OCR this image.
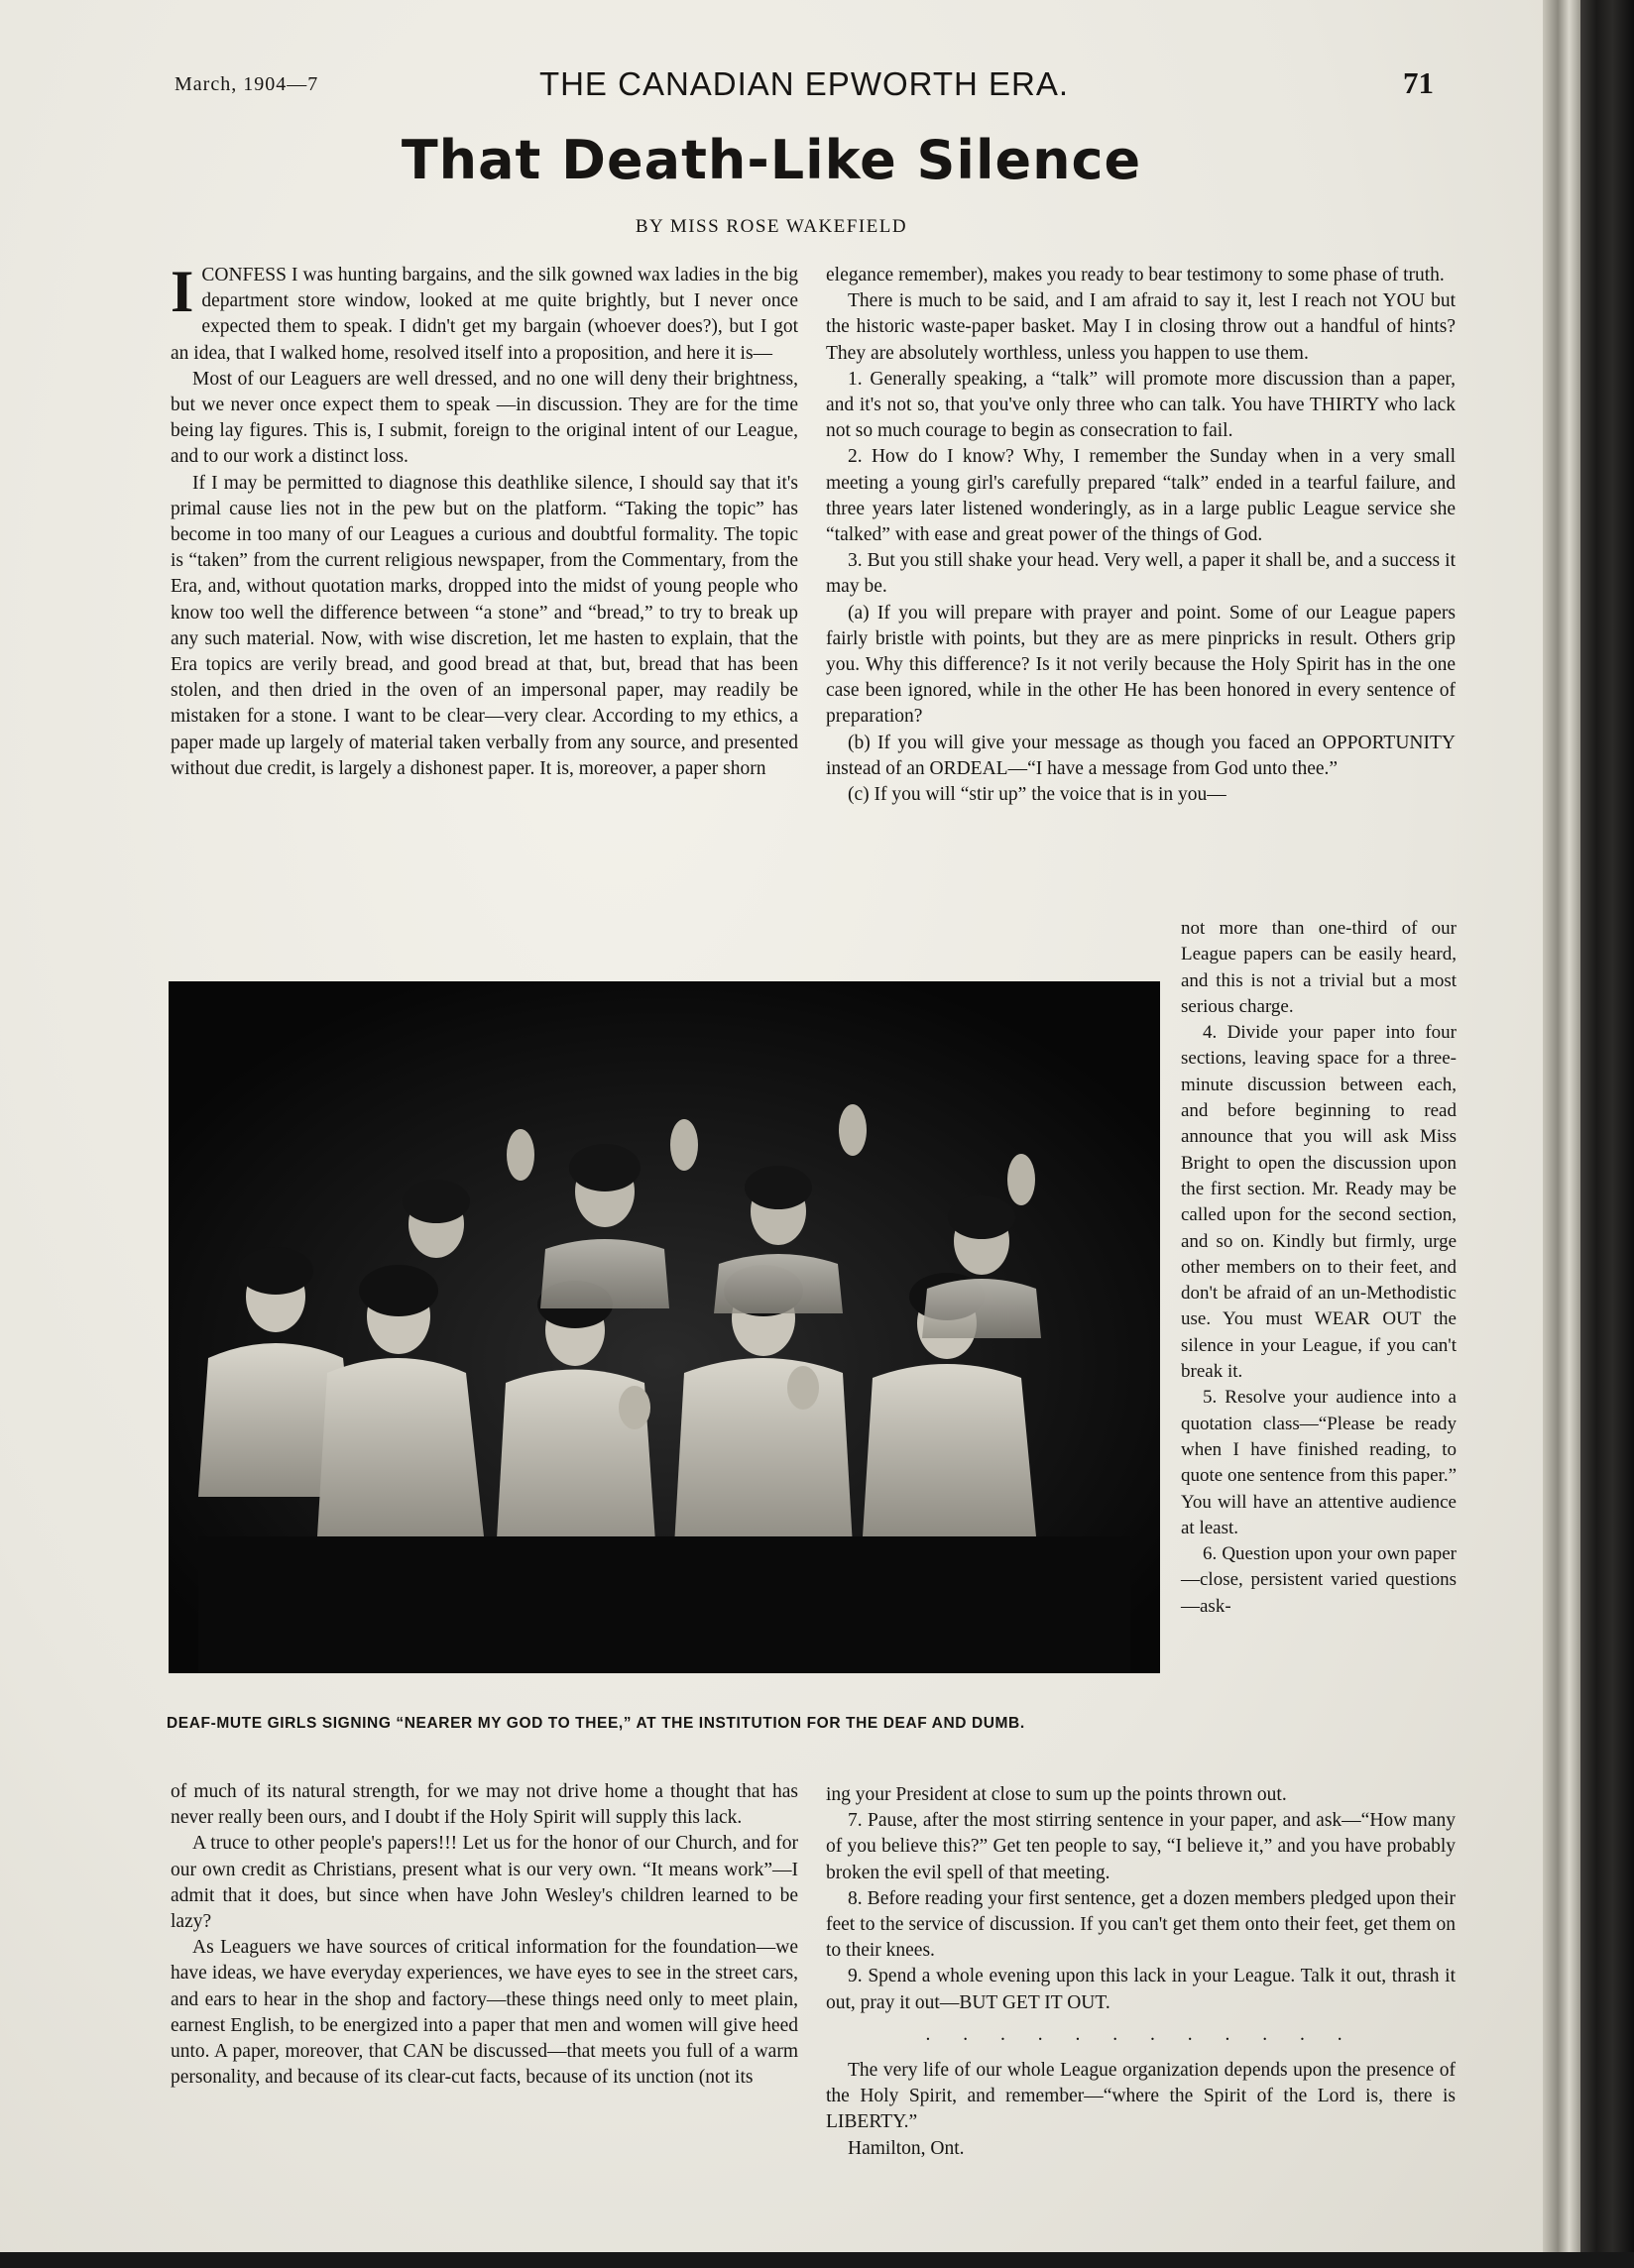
March, 1904—7	THE CANADIAN EPWORTH ERA.	71
That Death-Like Silence
BY MISS ROSE WAKEFIELD

ICONFESS I was hunting bargains, and the silk gowned wax ladies in the big department store window, looked at me quite brightly, but I never once expected them to speak. I didn't get my bargain (whoever does?), but I got an idea, that I walked home, resolved itself into a proposition, and here it is—

Most of our Leaguers are well dressed, and no one will deny their brightness, but we never once expect them to speak —in discussion. They are for the time being lay figures. This is, I submit, foreign to the original intent of our League, and to our work a distinct loss.

If I may be permitted to diagnose this deathlike silence, I should say that it's primal cause lies not in the pew but on the platform. “Taking the topic” has become in too many of our Leagues a curious and doubtful formality. The topic is “taken” from the current religious newspaper, from the Commentary, from the Era, and, without quotation marks, dropped into the midst of young people who know too well the difference between “a stone” and “bread,” to try to break up any such material. Now, with wise discretion, let me hasten to explain, that the Era topics are verily bread, and good bread at that, but, bread that has been stolen, and then dried in the oven of an impersonal paper, may readily be mistaken for a stone. I want to be clear—very clear. According to my ethics, a paper made up largely of material taken verbally from any source, and presented without due credit, is largely a dishonest paper. It is, moreover, a paper shorn

elegance remember), makes you ready to bear testimony to some phase of truth.

There is much to be said, and I am afraid to say it, lest I reach not YOU but the historic waste-paper basket. May I in closing throw out a handful of hints? They are absolutely worthless, unless you happen to use them.

1. Generally speaking, a “talk” will promote more discussion than a paper, and it's not so, that you've only three who can talk. You have THIRTY who lack not so much courage to begin as consecration to fail.

2. How do I know? Why, I remember the Sunday when in a very small meeting a young girl's carefully prepared “talk” ended in a tearful failure, and three years later listened wonderingly, as in a large public League service she “talked” with ease and great power of the things of God.

3. But you still shake your head. Very well, a paper it shall be, and a success it may be.

(a) If you will prepare with prayer and point. Some of our League papers fairly bristle with points, but they are as mere pinpricks in result. Others grip you. Why this difference? Is it not verily because the Holy Spirit has in the one case been ignored, while in the other He has been honored in every sentence of preparation?

(b) If you will give your message as though you faced an OPPORTUNITY instead of an ORDEAL—“I have a message from God unto thee.”

(c) If you will “stir up” the voice that is in you—

DEAF-MUTE GIRLS SIGNING “NEARER MY GOD TO THEE,” AT THE INSTITUTION FOR THE DEAF AND DUMB.

not more than one-third of our League papers can be easily heard, and this is not a trivial but a most serious charge.

4. Divide your paper into four sections, leaving space for a three-minute discussion between each, and before beginning to read announce that you will ask Miss Bright to open the discussion upon the first section. Mr. Ready may be called upon for the second section, and so on. Kindly but firmly, urge other members on to their feet, and don't be afraid of an un-Methodistic use. You must WEAR OUT the silence in your League, if you can't break it.

5. Resolve your audience into a quotation class—“Please be ready when I have finished reading, to quote one sentence from this paper.” You will have an attentive audience at least.

6. Question upon your own paper—close, persistent varied questions—ask-

of much of its natural strength, for we may not drive home a thought that has never really been ours, and I doubt if the Holy Spirit will supply this lack.

A truce to other people's papers!!! Let us for the honor of our Church, and for our own credit as Christians, present what is our very own. “It means work”—I admit that it does, but since when have John Wesley's children learned to be lazy?

As Leaguers we have sources of critical information for the foundation—we have ideas, we have everyday experiences, we have eyes to see in the street cars, and ears to hear in the shop and factory—these things need only to meet plain, earnest English, to be energized into a paper that men and women will give heed unto. A paper, moreover, that CAN be discussed—that meets you full of a warm personality, and because of its clear-cut facts, because of its unction (not its

ing your President at close to sum up the points thrown out.

7. Pause, after the most stirring sentence in your paper, and ask—“How many of you believe this?” Get ten people to say, “I believe it,” and you have probably broken the evil spell of that meeting.

8. Before reading your first sentence, get a dozen members pledged upon their feet to the service of discussion. If you can't get them onto their feet, get them on to their knees.

9. Spend a whole evening upon this lack in your League. Talk it out, thrash it out, pray it out—BUT GET IT OUT.

. . . . . . . . . . . .

The very life of our whole League organization depends upon the presence of the Holy Spirit, and remember—“where the Spirit of the Lord is, there is LIBERTY.”

Hamilton, Ont.
